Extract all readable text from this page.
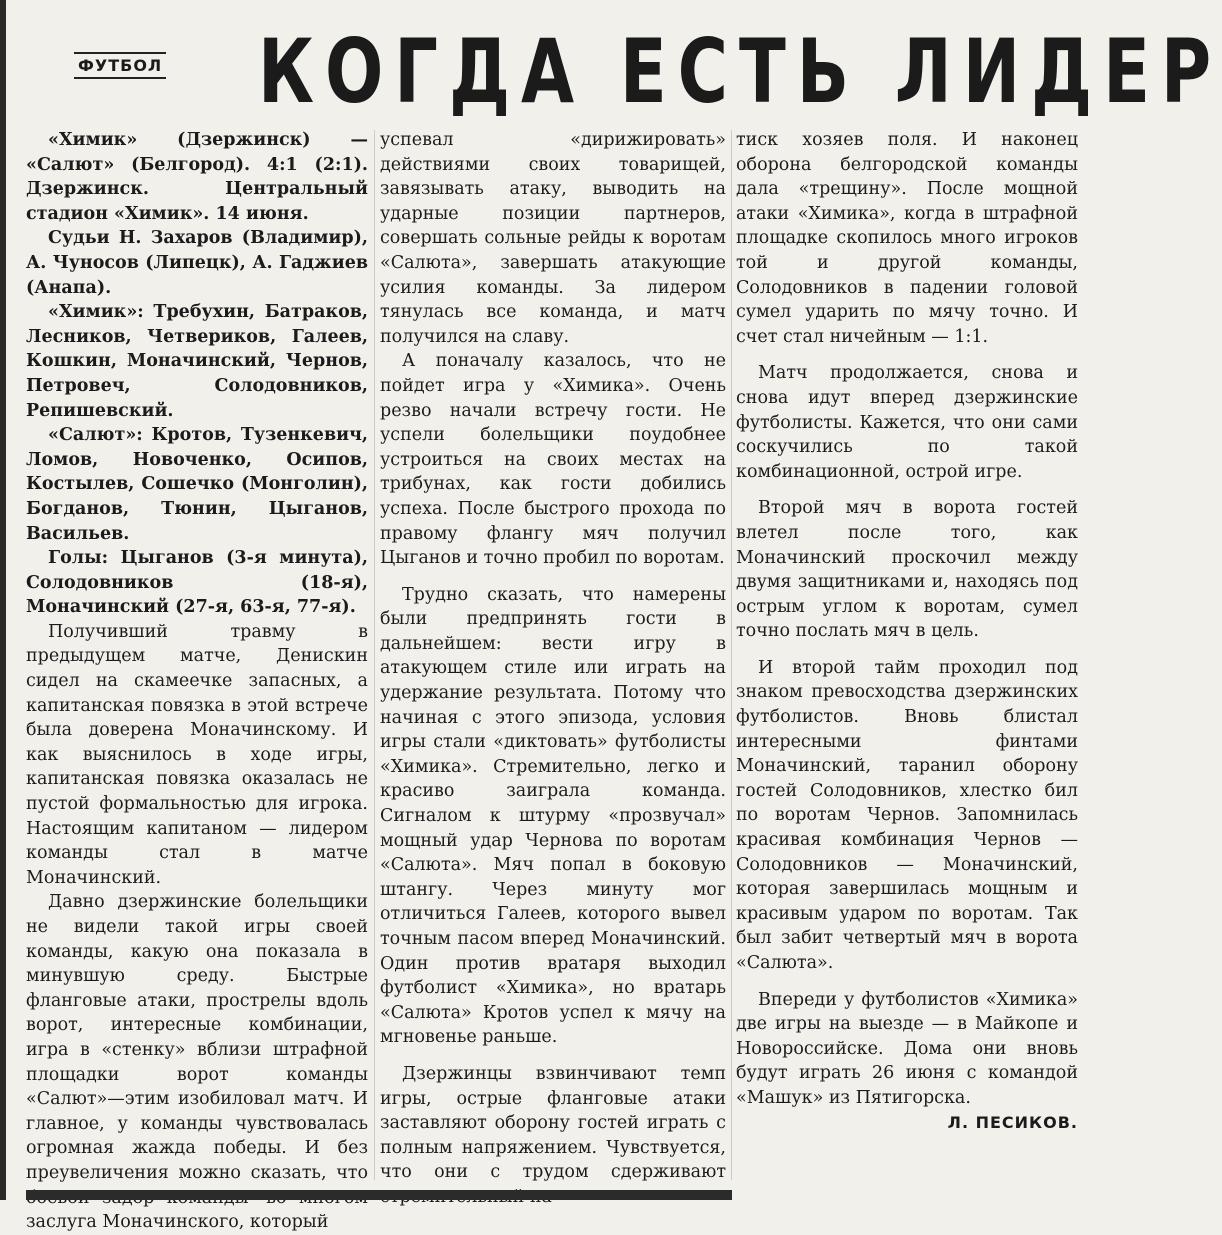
ФУТБОЛ КОГДА ЕСТЬ ЛИДЕР

«Химик» (Дзержинск) — «Салют» (Белгород). 4:1 (2:1). Дзержинск. Центральный стадион «Химик». 14 июня.

Судьи Н. Захаров (Владимир), А. Чуносов (Липецк), А. Гаджиев (Анапа).

«Химик»: Требухин, Батраков, Лесников, Четвериков, Галеев, Кошкин, Моначинский, Чернов, Петровеч, Солодовников, Репишевский.

«Салют»: Кротов, Тузенкевич, Ломов, Новоченко, Осипов, Костылев, Сошечко (Монголин), Богданов, Тюнин, Цыганов, Васильев.

Голы: Цыганов (3-я минута), Солодовников (18-я), Моначинский (27-я, 63-я, 77-я).

Получивший травму в предыдущем матче, Денискин сидел на скамеечке запасных, а капитанская повязка в этой встрече была доверена Моначинскому. И как выяснилось в ходе игры, капитанская повязка оказалась не пустой формальностью для игрока. Настоящим капитаном — лидером команды стал в матче Моначинский.

Давно дзержинские болельщики не видели такой игры своей команды, какую она показала в минувшую среду. Быстрые фланговые атаки, прострелы вдоль ворот, интересные комбинации, игра в «стенку» вблизи штрафной площадки ворот команды «Салют»—этим изобиловал матч. И главное, у команды чувствовалась огромная жажда победы. И без преувеличения можно сказать, что заслуга Моначинского, который

успевал «дирижировать» действиями своих товарищей, завязывать атаку, выводить на ударные позиции партнеров, совершать сольные рейды к воротам «Салюта», завершать атакующие усилия команды. За лидером тянулась все команда, и матч получился на славу.

А поначалу казалось, что не пойдет игра у «Химика». Очень резво начали встречу гости. Не успели болельщики поудобнее устроиться на своих местах на трибунах, как гости добились успеха. После быстрого прохода по правому флангу мяч получил Цыганов и точно пробил по воротам.

Трудно сказать, что намерены были предпринять гости в дальнейшем: вести игру в атакующем стиле или играть на удержание результата. Потому что начиная с этого эпизода, условия игры стали «диктовать» футболисты «Химика». Стремительно, легко и красиво заиграла команда. Сигналом к штурму «прозвучал» мощный удар Чернова по воротам «Салюта». Мяч попал в боковую штангу. Через минуту мог отличиться Галеев, которого вывел точным пасом вперед Моначинский. Один против вратаря выходил футболист «Химика», но вратарь «Салюта» Кротов успел к мячу на мгновенье раньше.

Дзержинцы взвинчивают темп игры, острые фланговые атаки заставляют оборону гостей играть с полным напряжением. Чувствуется, что они с трудом сдерживают

тиск хозяев поля. И наконец оборона белгородской команды дала «трещину». После мощной атаки «Химика», когда в штрафной площадке скопилось много игроков той и другой команды, Солодовников в падении головой сумел ударить по мячу точно. И счет стал ничейным — 1:1.

Матч продолжается, снова и снова идут вперед дзержинские футболисты. Кажется, что они сами соскучились по такой комбинационной, острой игре.

Второй мяч в ворота гостей влетел после того, как Моначинский проскочил между двумя защитниками и, находясь под острым углом к воротам, сумел точно послать мяч в цель.

И второй тайм проходил под знаком превосходства дзержинских футболистов. Вновь блистал интересными финтами Моначинский, таранил оборону гостей Солодовников, хлестко бил по воротам Чернов. Запомнилась красивая комбинация Чернов — Солодовников — Моначинский, которая завершилась мощным и красивым ударом по воротам. Так был забит четвертый мяч в ворота «Салюта».

Впереди у футболистов «Химика» две игры на выезде — в Майкопе и Новороссийске. Дома они вновь будут играть 26 июня с командой «Машук» из Пятигорска.

Л. ПЕСИКОВ.
